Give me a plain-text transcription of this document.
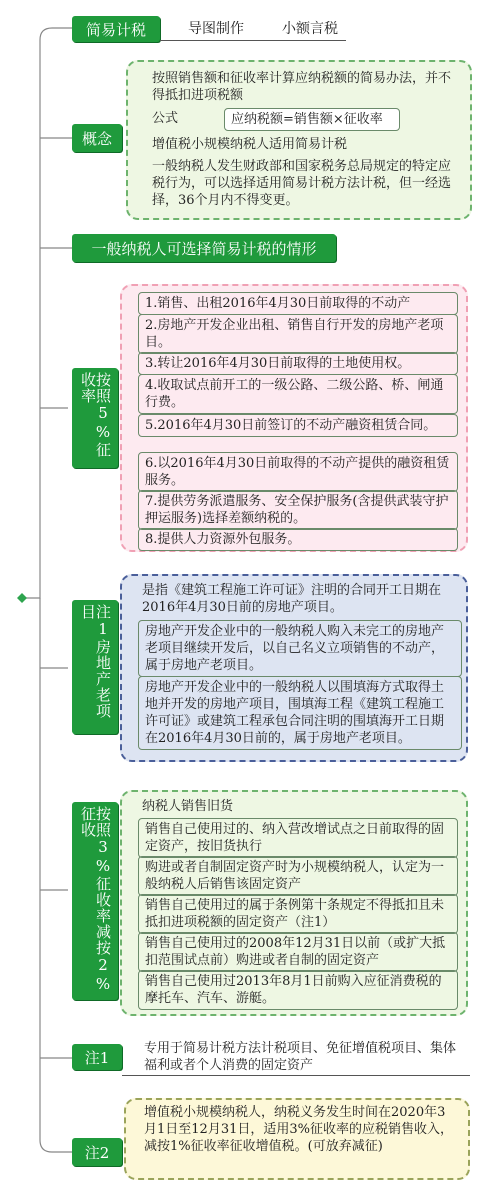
简易计税	导图制作	小额言税
概念
按照销售额和征收率计算应纳税额的简易办法，并不得抵扣进项税额
公式	应纳税额=销售额×征收率
增值税小规模纳税人适用简易计税
一般纳税人发生财政部和国家税务总局规定的特定应税行为，可以选择适用简易计税方法计税，但一经选择，36个月内不得变更。
一般纳税人可选择简易计税的情形
按照5%征收率
1.销售、出租2016年4月30日前取得的不动产
2.房地产开发企业出租、销售自行开发的房地产老项目。
3.转让2016年4月30日前取得的土地使用权。
4.收取试点前开工的一级公路、二级公路、桥、闸通行费。
5.2016年4月30日前签订的不动产融资租赁合同。
6.以2016年4月30日前取得的不动产提供的融资租赁服务。
7.提供劳务派遣服务、安全保护服务(含提供武装守护押运服务)选择差额纳税的。
8.提供人力资源外包服务。
注1房地产老项目
是指《建筑工程施工许可证》注明的合同开工日期在2016年4月30日前的房地产项目。
房地产开发企业中的一般纳税人购入未完工的房地产老项目继续开发后，以自己名义立项销售的不动产，属于房地产老项目。
房地产开发企业中的一般纳税人以围填海方式取得土地并开发的房地产项目，围填海工程《建筑工程施工许可证》或建筑工程承包合同注明的围填海开工日期在2016年4月30日前的，属于房地产老项目。
按照3%征收率减按2%征收	纳税人销售旧货
销售自己使用过的、纳入营改增试点之日前取得的固定资产，按旧货执行
购进或者自制固定资产时为小规模纳税人，认定为一般纳税人后销售该固定资产
销售自己使用过的属于条例第十条规定不得抵扣且未抵扣进项税额的固定资产（注1）
销售自己使用过的2008年12月31日以前（或扩大抵扣范围试点前）购进或者自制的固定资产
销售自己使用过2013年8月1日前购入应征消费税的摩托车、汽车、游艇。
注1	专用于简易计税方法计税项目、免征增值税项目、集体福利或者个人消费的固定资产
注2
增值税小规模纳税人，纳税义务发生时间在2020年3月1日至12月31日，适用3%征收率的应税销售收入，减按1%征收率征收增值税。(可放弃减征)
